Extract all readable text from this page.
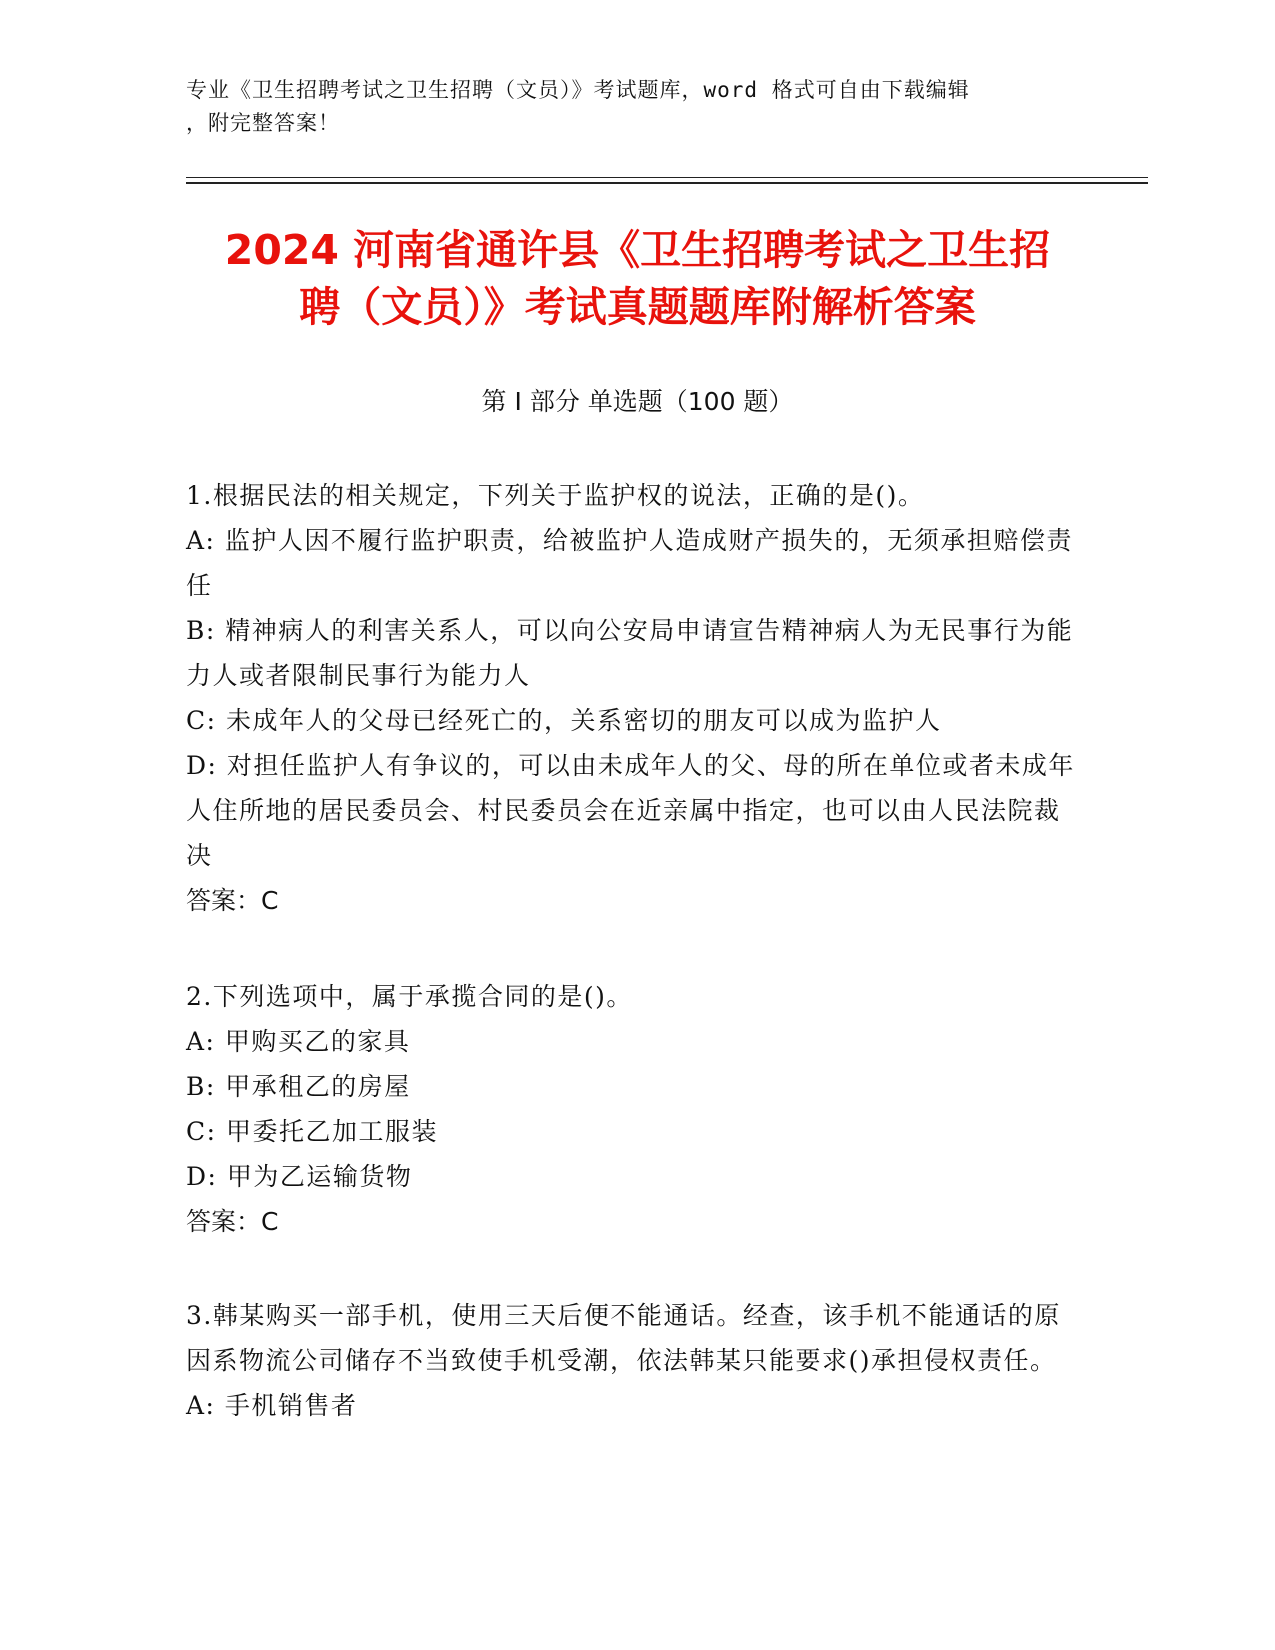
专业《卫生招聘考试之卫生招聘（文员）》考试题库，word 格式可自由下载编辑
，附完整答案！
2024 河南省通许县《卫生招聘考试之卫生招
聘（文员）》考试真题题库附解析答案
第 I 部分 单选题（100 题）

1.根据民法的相关规定，下列关于监护权的说法，正确的是()。

A: 监护人因不履行监护职责，给被监护人造成财产损失的，无须承担赔偿责任

B: 精神病人的利害关系人，可以向公安局申请宣告精神病人为无民事行为能力人或者限制民事行为能力人

C: 未成年人的父母已经死亡的，关系密切的朋友可以成为监护人

D: 对担任监护人有争议的，可以由未成年人的父、母的所在单位或者未成年人住所地的居民委员会、村民委员会在近亲属中指定，也可以由人民法院裁决

答案：C

2.下列选项中，属于承揽合同的是()。

A: 甲购买乙的家具

B: 甲承租乙的房屋

C: 甲委托乙加工服装

D: 甲为乙运输货物

答案：C

3.韩某购买一部手机，使用三天后便不能通话。经查，该手机不能通话的原因系物流公司储存不当致使手机受潮，依法韩某只能要求()承担侵权责任。

A: 手机销售者
